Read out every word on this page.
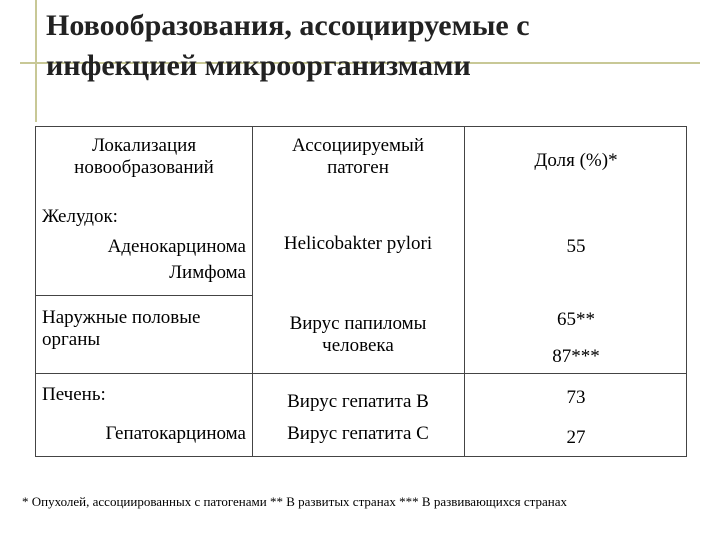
Новообразования, ассоциируемые с
инфекцией микроорганизмами
Локализация
новообразований
Ассоциируемый
патоген	Доля (%)*
Желудок:
Аденокарцинома
Лимфома
Helicobakter pylori	55
Наружные половые
органы
Вирус папиломы
человека
65**
87***
Печень:
Гепатокарцинома
Вирус гепатита В
Вирус гепатита С
73
27
* Опухолей, ассоциированных с патогенами ** В развитых странах *** В развивающихся странах
